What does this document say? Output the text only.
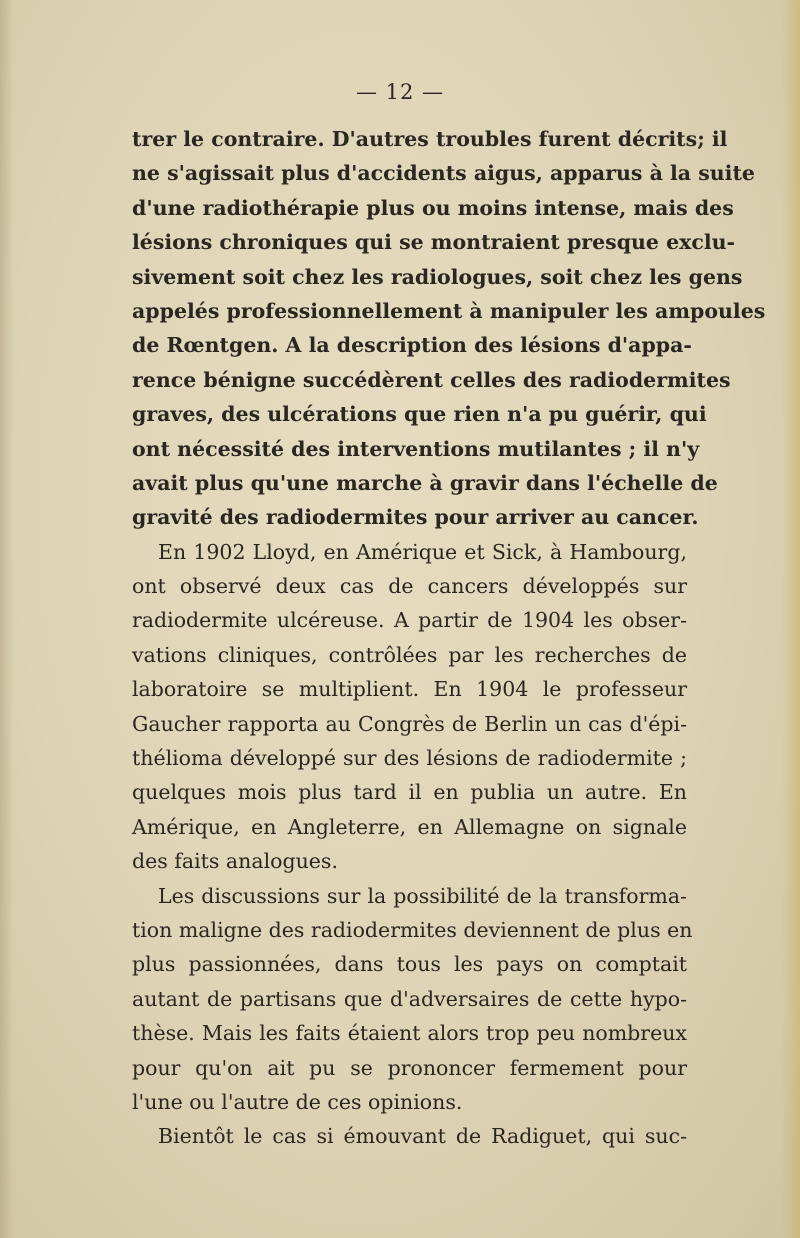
— 12 —
trer le contraire. D'autres troubles furent décrits; il
ne s'agissait plus d'accidents aigus, apparus à la suite
d'une radiothérapie plus ou moins intense, mais des
lésions chroniques qui se montraient presque exclu-
sivement soit chez les radiologues, soit chez les gens
appelés professionnellement à manipuler les ampoules
de Rœntgen. A la description des lésions d'appa-
rence bénigne succédèrent celles des radiodermites
graves, des ulcérations que rien n'a pu guérir, qui
ont nécessité des interventions mutilantes ; il n'y
avait plus qu'une marche à gravir dans l'échelle de
gravité des radiodermites pour arriver au cancer.
En 1902 Lloyd, en Amérique et Sick, à Hambourg,
ont observé deux cas de cancers développés sur
radiodermite ulcéreuse. A partir de 1904 les obser-
vations cliniques, contrôlées par les recherches de
laboratoire se multiplient. En 1904 le professeur
Gaucher rapporta au Congrès de Berlin un cas d'épi-
thélioma développé sur des lésions de radiodermite ;
quelques mois plus tard il en publia un autre. En
Amérique, en Angleterre, en Allemagne on signale
des faits analogues.
Les discussions sur la possibilité de la transforma-
tion maligne des radiodermites deviennent de plus en
plus passionnées, dans tous les pays on comptait
autant de partisans que d'adversaires de cette hypo-
thèse. Mais les faits étaient alors trop peu nombreux
pour qu'on ait pu se prononcer fermement pour
l'une ou l'autre de ces opinions.
Bientôt le cas si émouvant de Radiguet, qui suc-
